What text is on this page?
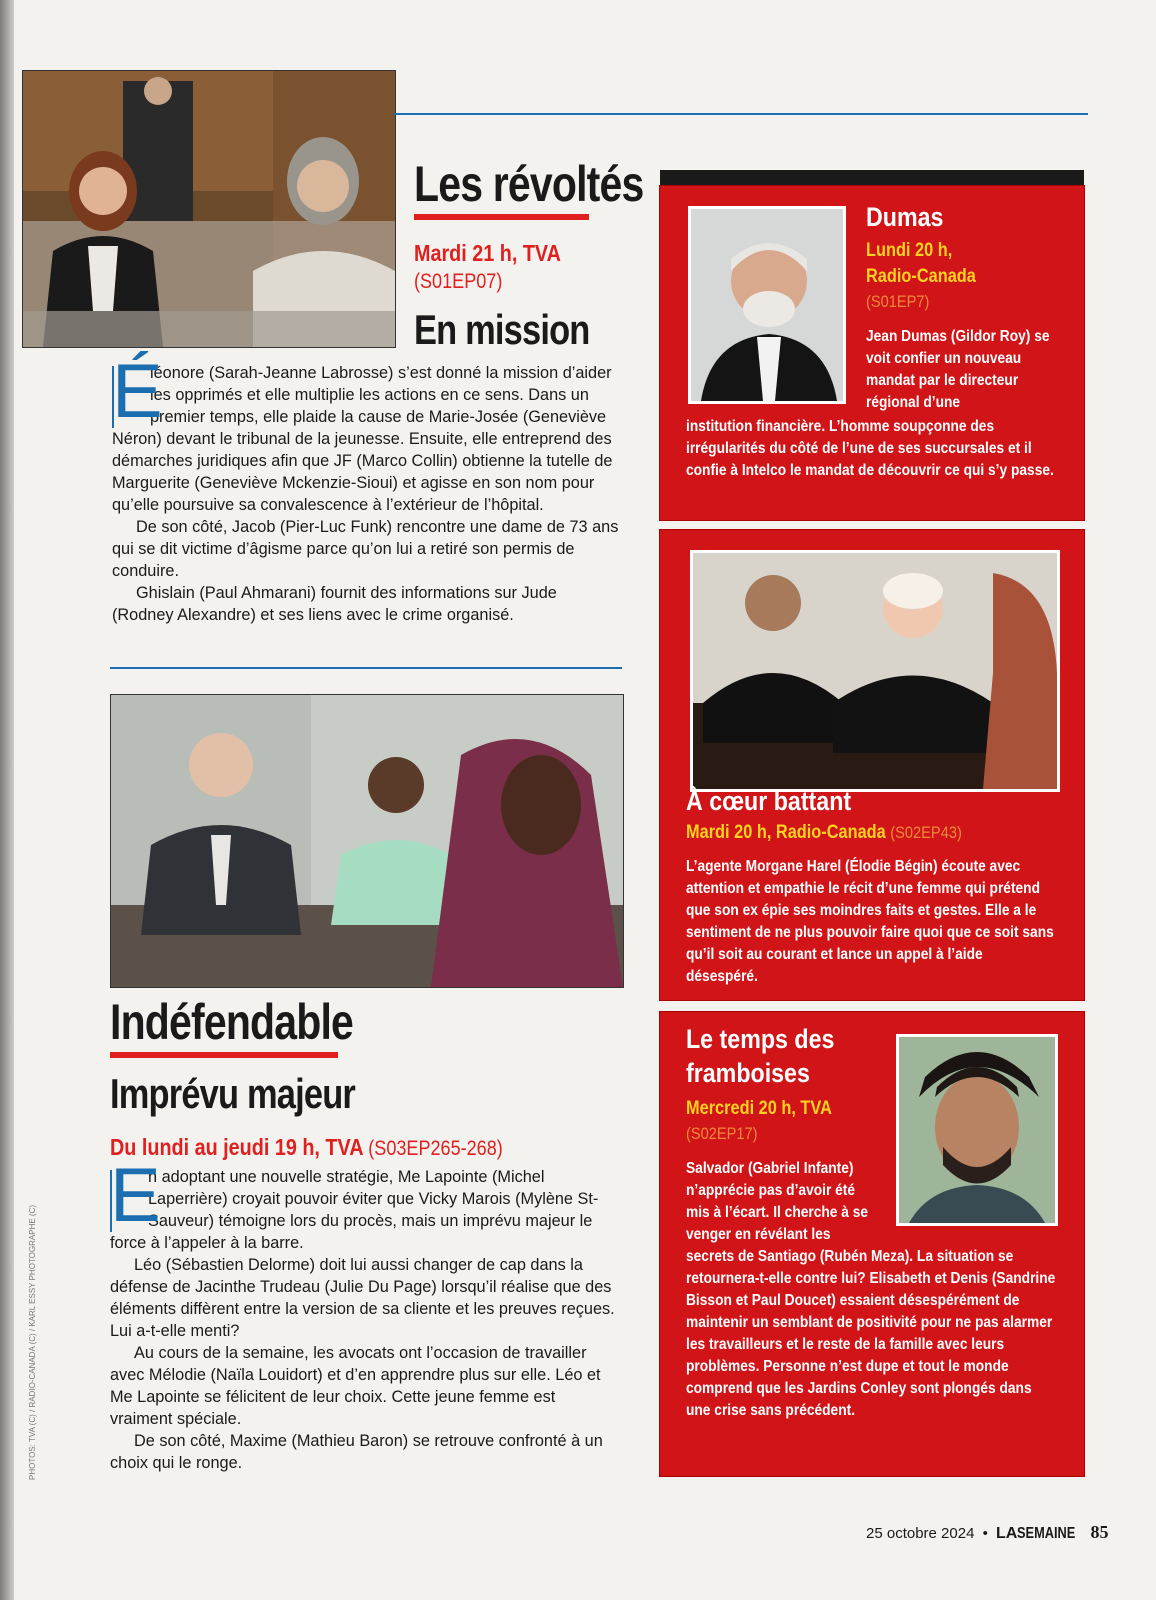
Les révoltés
Mardi 21 h, TVA
(S01EP07)
En mission

É
léonore (Sarah-Jeanne Labrosse) s’est donné la mission d’aider les opprimés et elle multiplie les actions en ce sens. Dans un premier temps, elle plaide la cause de Marie-Josée (Geneviève Néron) devant le tribunal de la jeunesse. Ensuite, elle entreprend des démarches juridiques afin que JF (Marco Collin) obtienne la tutelle de Marguerite (Geneviève Mckenzie-Sioui) et agisse en son nom pour qu’elle poursuive sa convalescence à l’extérieur de l’hôpital.

De son côté, Jacob (Pier-Luc Funk) rencontre une dame de 73 ans qui se dit victime d’âgisme parce qu’on lui a retiré son permis de conduire.

Ghislain (Paul Ahmarani) fournit des informations sur Jude (Rodney Alexandre) et ses liens avec le crime organisé.

Indéfendable
Imprévu majeur
Du lundi au jeudi 19 h, TVA (S03EP265-268)

E
n adoptant une nouvelle stratégie, Me Lapointe (Michel Laperrière) croyait pouvoir éviter que Vicky Marois (Mylène St-Sauveur) témoigne lors du procès, mais un imprévu majeur le force à l’appeler à la barre.

Léo (Sébastien Delorme) doit lui aussi changer de cap dans la défense de Jacinthe Trudeau (Julie Du Page) lorsqu’il réalise que des éléments diffèrent entre la version de sa cliente et les preuves reçues. Lui a-t-elle menti?

Au cours de la semaine, les avocats ont l’occasion de travailler avec Mélodie (Naïla Louidort) et d’en apprendre plus sur elle. Léo et Me Lapointe se félicitent de leur choix. Cette jeune femme est vraiment spéciale.

De son côté, Maxime (Mathieu Baron) se retrouve confronté à un choix qui le ronge.

PHOTOS: TVA (C) / RADIO-CANADA (C) / KARL ESSY PHOTOGRAPHE (C)
Dumas
Lundi 20 h,
Radio-Canada
(S01EP7)
Jean Dumas (Gildor Roy) se voit confier un nouveau mandat par le directeur régional d’une
institution financière. L’homme soupçonne des irrégularités du côté de l’une de ses succursales et il confie à Intelco le mandat de découvrir ce qui s’y passe.
À cœur battant
Mardi 20 h, Radio-Canada (S02EP43)
L’agente Morgane Harel (Élodie Bégin) écoute avec attention et empathie le récit d’une femme qui prétend que son ex épie ses moindres faits et gestes. Elle a le sentiment de ne plus pouvoir faire quoi que ce soit sans qu’il soit au courant et lance un appel à l’aide désespéré.
Le temps des
framboises
Mercredi 20 h, TVA
(S02EP17)
Salvador (Gabriel Infante) n’apprécie pas d’avoir été mis à l’écart. Il cherche à se venger en révélant les
secrets de Santiago (Rubén Meza). La situation se retournera-t-elle contre lui? Elisabeth et Denis (Sandrine Bisson et Paul Doucet) essaient désespérément de maintenir un semblant de positivité pour ne pas alarmer les travailleurs et le reste de la famille avec leurs problèmes. Personne n’est dupe et tout le monde comprend que les Jardins Conley sont plongés dans une crise sans précédent.
25 octobre 2024 • LASEMAINE 85
